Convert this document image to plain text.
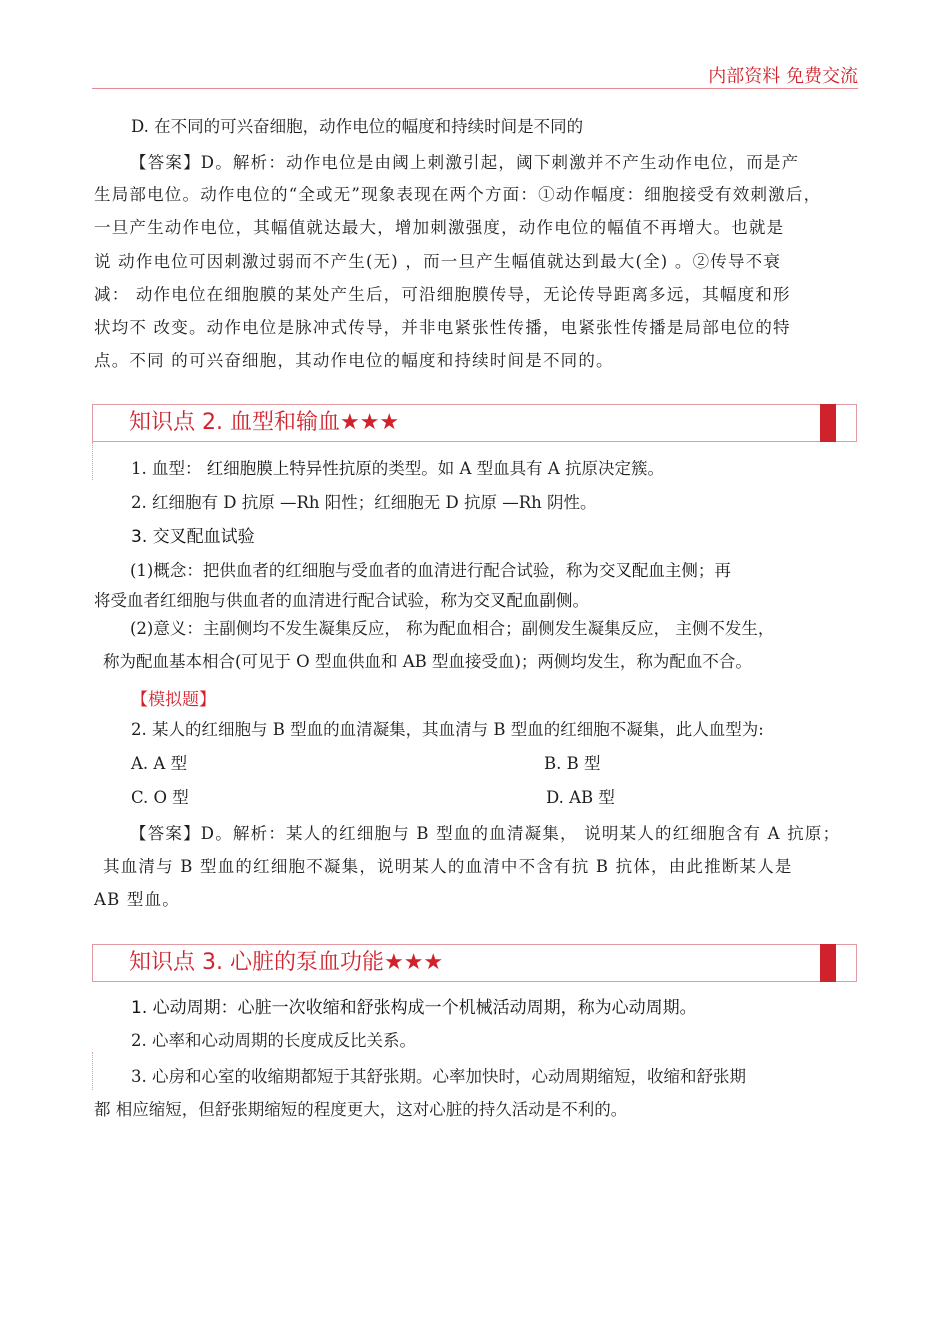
内部资料 免费交流
D. 在不同的可兴奋细胞，动作电位的幅度和持续时间是不同的
【答案】D。解析：动作电位是由阈上刺激引起，阈下刺激并不产生动作电位，而是产
生局部电位。动作电位的“全或无”现象表现在两个方面：①动作幅度：细胞接受有效刺激后，
一旦产生动作电位，其幅值就达最大，增加刺激强度，动作电位的幅值不再增大。也就是
说 动作电位可因刺激过弱而不产生(无) ，而一旦产生幅值就达到最大(全) 。②传导不衰
减： 动作电位在细胞膜的某处产生后，可沿细胞膜传导，无论传导距离多远，其幅度和形
状均不 改变。动作电位是脉冲式传导，并非电紧张性传播，电紧张性传播是局部电位的特
点。不同 的可兴奋细胞，其动作电位的幅度和持续时间是不同的。
知识点 2. 血型和输血★★★
1. 血型： 红细胞膜上特异性抗原的类型。如 A 型血具有 A 抗原决定簇。
2. 红细胞有 D 抗原 —Rh 阳性；红细胞无 D 抗原 —Rh 阴性。
3. 交叉配血试验
(1)概念：把供血者的红细胞与受血者的血清进行配合试验，称为交叉配血主侧；再
将受血者红细胞与供血者的血清进行配合试验，称为交叉配血副侧。
(2)意义：主副侧均不发生凝集反应， 称为配血相合；副侧发生凝集反应， 主侧不发生，
称为配血基本相合(可见于 O 型血供血和 AB 型血接受血)；两侧均发生，称为配血不合。
【模拟题】
2. 某人的红细胞与 B 型血的血清凝集，其血清与 B 型血的红细胞不凝集，此人血型为:
A. A 型	B. B 型
C. O 型	D. AB 型
【答案】D。解析：某人的红细胞与 B 型血的血清凝集， 说明某人的红细胞含有 A 抗原；
其血清与 B 型血的红细胞不凝集，说明某人的血清中不含有抗 B 抗体，由此推断某人是
AB 型血。
知识点 3. 心脏的泵血功能★★★
1. 心动周期：心脏一次收缩和舒张构成一个机械活动周期，称为心动周期。
2. 心率和心动周期的长度成反比关系。
3. 心房和心室的收缩期都短于其舒张期。心率加快时，心动周期缩短，收缩和舒张期
都 相应缩短，但舒张期缩短的程度更大，这对心脏的持久活动是不利的。
